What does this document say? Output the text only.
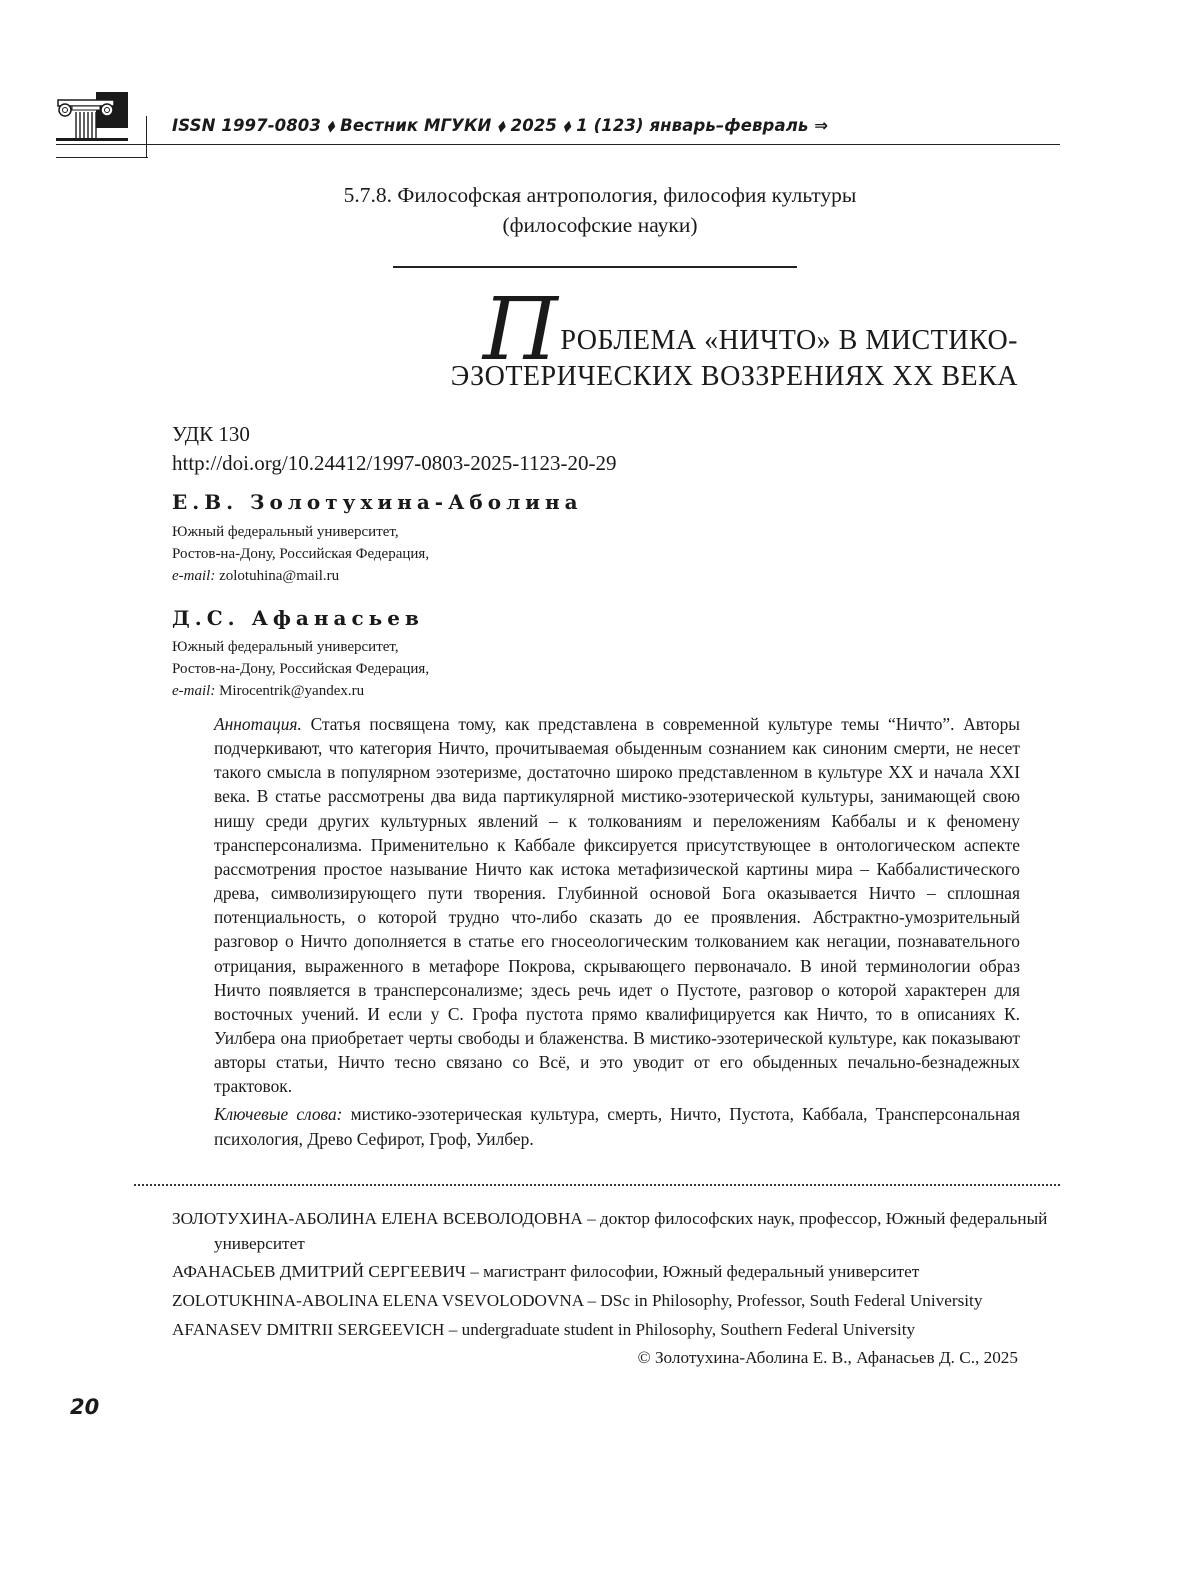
ISSN 1997-0803 ⬧ Вестник МГУКИ ⬧ 2025 ⬧ 1 (123) январь–февраль ⇒
5.7.8. Философская антропология, философия культуры
(философские науки)
ПРОБЛЕМА «НИЧТО» В МИСТИКО-
ЭЗОТЕРИЧЕСКИХ ВОЗЗРЕНИЯХ XX ВЕКА
УДК 130
http://doi.org/10.24412/1997-0803-2025-1123-20-29
Е.В. Золотухина-Аболина
Южный федеральный университет,
Ростов-на-Дону, Российская Федерация,
e-mail: zolotuhina@mail.ru
Д.С. Афанасьев
Южный федеральный университет,
Ростов-на-Дону, Российская Федерация,
e-mail: Mirocentrik@yandex.ru
Аннотация. Статья посвящена тому, как представлена в современной культуре темы “Ничто”. Авторы подчеркивают, что категория Ничто, прочитываемая обыденным сознанием как синоним смерти, не несет такого смысла в популярном эзотеризме, достаточно широко представленном в культуре XX и начала XXI века. В статье рассмотрены два вида партикулярной мистико-эзотерической культуры, занимающей свою нишу среди других культурных явлений – к толкованиям и переложениям Каббалы и к феномену трансперсонализма. Применительно к Каббале фиксируется присутствующее в онтологическом аспекте рассмотрения простое называние Ничто как истока метафизической картины мира – Каббалистического древа, символизирующего пути творения. Глубинной основой Бога оказывается Ничто – сплошная потенциальность, о которой трудно что-либо сказать до ее проявления. Абстрактно-умозрительный разговор о Ничто дополняется в статье его гносеологическим толкованием как негации, познавательного отрицания, выраженного в метафоре Покрова, скрывающего первоначало. В иной терминологии образ Ничто появляется в трансперсонализме; здесь речь идет о Пустоте, разговор о которой характерен для восточных учений. И если у С. Грофа пустота прямо квалифицируется как Ничто, то в описаниях К. Уилбера она приобретает черты свободы и блаженства. В мистико-эзотерической культуре, как показывают авторы статьи, Ничто тесно связано со Всё, и это уводит от его обыденных печально-безнадежных трактовок.
Ключевые слова: мистико-эзотерическая культура, смерть, Ничто, Пустота, Каббала, Трансперсональная психология, Древо Сефирот, Гроф, Уилбер.
ЗОЛОТУХИНА-АБОЛИНА ЕЛЕНА ВСЕВОЛОДОВНА – доктор философских наук, профессор, Южный федеральный университет
АФАНАСЬЕВ ДМИТРИЙ СЕРГЕЕВИЧ – магистрант философии, Южный федеральный университет
ZOLOTUKHINA-ABOLINA ELENA VSEVOLODOVNA – DSc in Philosophy, Professor, South Federal University
AFANASEV DMITRII SERGEEVICH – undergraduate student in Philosophy, Southern Federal University
© Золотухина-Аболина Е. В., Афанасьев Д. С., 2025
20
